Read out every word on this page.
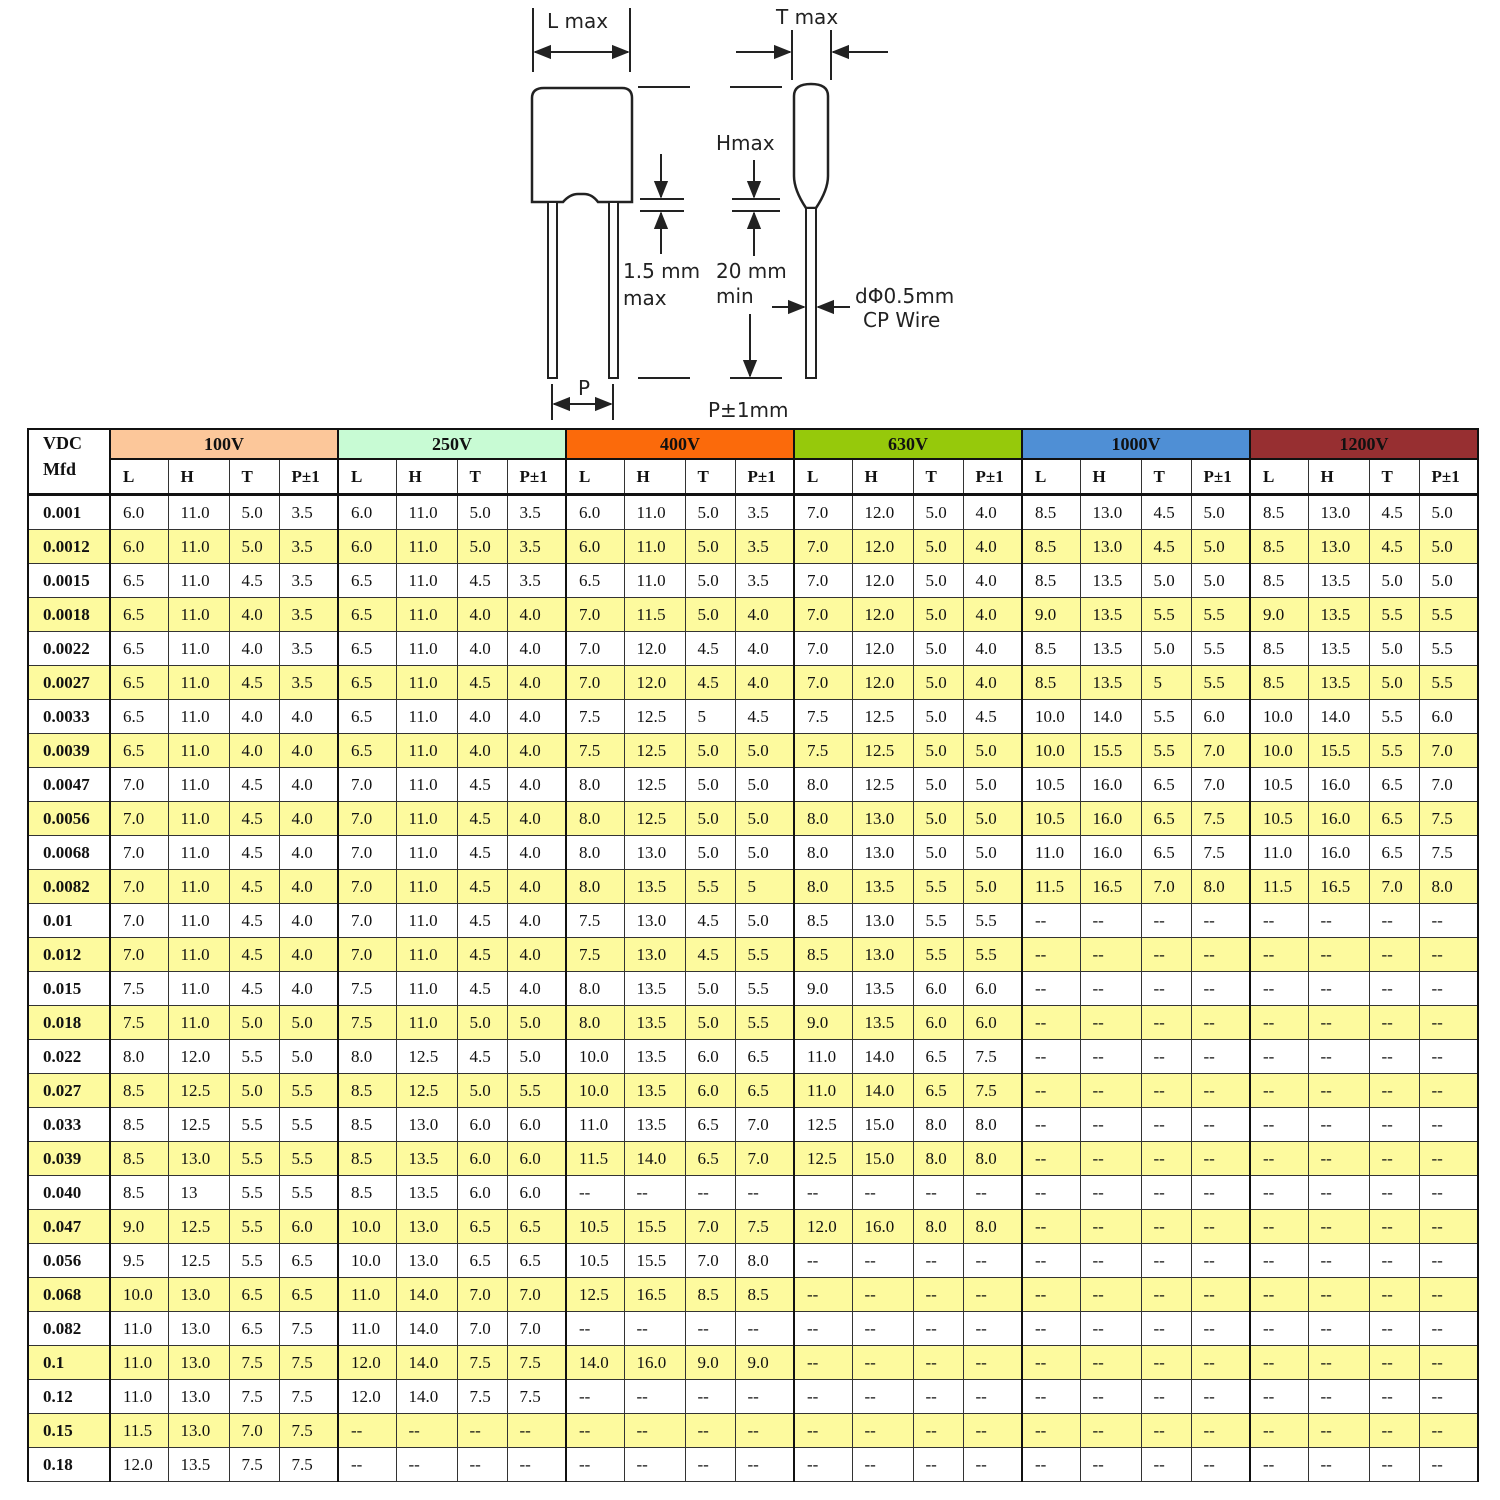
L max	T max
Hmax
1.5 mm
max
20 mm
min	dΦ0.5mm
CP Wire
P
P±1mm
VDC
Mfd	100V				250V				400V				630V				1000V				1200V			
	L	H	T	P±1	L	H	T	P±1	L	H	T	P±1	L	H	T	P±1	L	H	T	P±1	L	H	T	P±1
0.001	6.0	11.0	5.0	3.5	6.0	11.0	5.0	3.5	6.0	11.0	5.0	3.5	7.0	12.0	5.0	4.0	8.5	13.0	4.5	5.0	8.5	13.0	4.5	5.0
0.0012	6.0	11.0	5.0	3.5	6.0	11.0	5.0	3.5	6.0	11.0	5.0	3.5	7.0	12.0	5.0	4.0	8.5	13.0	4.5	5.0	8.5	13.0	4.5	5.0
0.0015	6.5	11.0	4.5	3.5	6.5	11.0	4.5	3.5	6.5	11.0	5.0	3.5	7.0	12.0	5.0	4.0	8.5	13.5	5.0	5.0	8.5	13.5	5.0	5.0
0.0018	6.5	11.0	4.0	3.5	6.5	11.0	4.0	4.0	7.0	11.5	5.0	4.0	7.0	12.0	5.0	4.0	9.0	13.5	5.5	5.5	9.0	13.5	5.5	5.5
0.0022	6.5	11.0	4.0	3.5	6.5	11.0	4.0	4.0	7.0	12.0	4.5	4.0	7.0	12.0	5.0	4.0	8.5	13.5	5.0	5.5	8.5	13.5	5.0	5.5
0.0027	6.5	11.0	4.5	3.5	6.5	11.0	4.5	4.0	7.0	12.0	4.5	4.0	7.0	12.0	5.0	4.0	8.5	13.5	5	5.5	8.5	13.5	5.0	5.5
0.0033	6.5	11.0	4.0	4.0	6.5	11.0	4.0	4.0	7.5	12.5	5	4.5	7.5	12.5	5.0	4.5	10.0	14.0	5.5	6.0	10.0	14.0	5.5	6.0
0.0039	6.5	11.0	4.0	4.0	6.5	11.0	4.0	4.0	7.5	12.5	5.0	5.0	7.5	12.5	5.0	5.0	10.0	15.5	5.5	7.0	10.0	15.5	5.5	7.0
0.0047	7.0	11.0	4.5	4.0	7.0	11.0	4.5	4.0	8.0	12.5	5.0	5.0	8.0	12.5	5.0	5.0	10.5	16.0	6.5	7.0	10.5	16.0	6.5	7.0
0.0056	7.0	11.0	4.5	4.0	7.0	11.0	4.5	4.0	8.0	12.5	5.0	5.0	8.0	13.0	5.0	5.0	10.5	16.0	6.5	7.5	10.5	16.0	6.5	7.5
0.0068	7.0	11.0	4.5	4.0	7.0	11.0	4.5	4.0	8.0	13.0	5.0	5.0	8.0	13.0	5.0	5.0	11.0	16.0	6.5	7.5	11.0	16.0	6.5	7.5
0.0082	7.0	11.0	4.5	4.0	7.0	11.0	4.5	4.0	8.0	13.5	5.5	5	8.0	13.5	5.5	5.0	11.5	16.5	7.0	8.0	11.5	16.5	7.0	8.0
0.01	7.0	11.0	4.5	4.0	7.0	11.0	4.5	4.0	7.5	13.0	4.5	5.0	8.5	13.0	5.5	5.5	--	--	--	--	--	--	--	--
0.012	7.0	11.0	4.5	4.0	7.0	11.0	4.5	4.0	7.5	13.0	4.5	5.5	8.5	13.0	5.5	5.5	--	--	--	--	--	--	--	--
0.015	7.5	11.0	4.5	4.0	7.5	11.0	4.5	4.0	8.0	13.5	5.0	5.5	9.0	13.5	6.0	6.0	--	--	--	--	--	--	--	--
0.018	7.5	11.0	5.0	5.0	7.5	11.0	5.0	5.0	8.0	13.5	5.0	5.5	9.0	13.5	6.0	6.0	--	--	--	--	--	--	--	--
0.022	8.0	12.0	5.5	5.0	8.0	12.5	4.5	5.0	10.0	13.5	6.0	6.5	11.0	14.0	6.5	7.5	--	--	--	--	--	--	--	--
0.027	8.5	12.5	5.0	5.5	8.5	12.5	5.0	5.5	10.0	13.5	6.0	6.5	11.0	14.0	6.5	7.5	--	--	--	--	--	--	--	--
0.033	8.5	12.5	5.5	5.5	8.5	13.0	6.0	6.0	11.0	13.5	6.5	7.0	12.5	15.0	8.0	8.0	--	--	--	--	--	--	--	--
0.039	8.5	13.0	5.5	5.5	8.5	13.5	6.0	6.0	11.5	14.0	6.5	7.0	12.5	15.0	8.0	8.0	--	--	--	--	--	--	--	--
0.040	8.5	13	5.5	5.5	8.5	13.5	6.0	6.0	--	--	--	--	--	--	--	--	--	--	--	--	--	--	--	--
0.047	9.0	12.5	5.5	6.0	10.0	13.0	6.5	6.5	10.5	15.5	7.0	7.5	12.0	16.0	8.0	8.0	--	--	--	--	--	--	--	--
0.056	9.5	12.5	5.5	6.5	10.0	13.0	6.5	6.5	10.5	15.5	7.0	8.0	--	--	--	--	--	--	--	--	--	--	--	--
0.068	10.0	13.0	6.5	6.5	11.0	14.0	7.0	7.0	12.5	16.5	8.5	8.5	--	--	--	--	--	--	--	--	--	--	--	--
0.082	11.0	13.0	6.5	7.5	11.0	14.0	7.0	7.0	--	--	--	--	--	--	--	--	--	--	--	--	--	--	--	--
0.1	11.0	13.0	7.5	7.5	12.0	14.0	7.5	7.5	14.0	16.0	9.0	9.0	--	--	--	--	--	--	--	--	--	--	--	--
0.12	11.0	13.0	7.5	7.5	12.0	14.0	7.5	7.5	--	--	--	--	--	--	--	--	--	--	--	--	--	--	--	--
0.15	11.5	13.0	7.0	7.5	--	--	--	--	--	--	--	--	--	--	--	--	--	--	--	--	--	--	--	--
0.18	12.0	13.5	7.5	7.5	--	--	--	--	--	--	--	--	--	--	--	--	--	--	--	--	--	--	--	--
